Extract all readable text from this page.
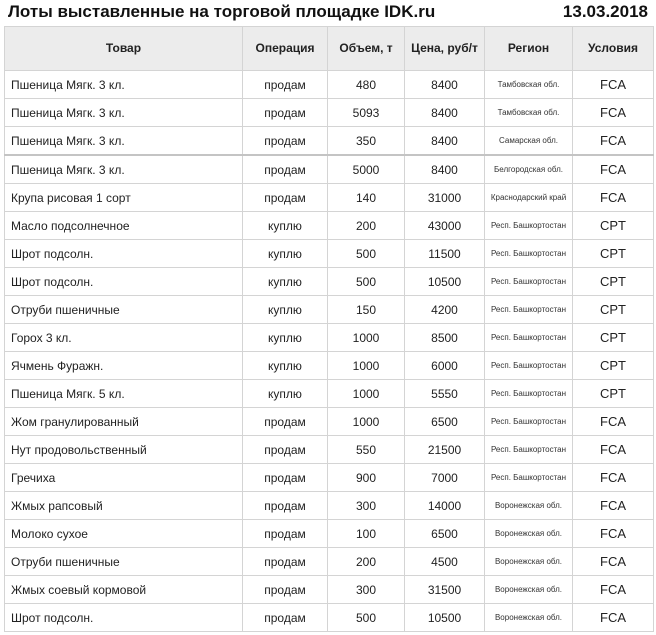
Лоты выставленные на торговой площадке IDK.ru	13.03.2018
Товар	Операция	Объем, т	Цена, руб/т	Регион	Условия
Пшеница Мягк. 3 кл.	продам	480	8400	Тамбовская обл.	FCA
Пшеница Мягк. 3 кл.	продам	5093	8400	Тамбовская обл.	FCA
Пшеница Мягк. 3 кл.	продам	350	8400	Самарская обл.	FCA
Пшеница Мягк. 3 кл.	продам	5000	8400	Белгородская обл.	FCA
Крупа рисовая 1 сорт	продам	140	31000	Краснодарский край	FCA
Масло подсолнечное	куплю	200	43000	Респ. Башкортостан	CPT
Шрот подсолн.	куплю	500	11500	Респ. Башкортостан	CPT
Шрот подсолн.	куплю	500	10500	Респ. Башкортостан	CPT
Отруби пшеничные	куплю	150	4200	Респ. Башкортостан	CPT
Горох 3 кл.	куплю	1000	8500	Респ. Башкортостан	CPT
Ячмень Фуражн.	куплю	1000	6000	Респ. Башкортостан	CPT
Пшеница Мягк. 5 кл.	куплю	1000	5550	Респ. Башкортостан	CPT
Жом гранулированный	продам	1000	6500	Респ. Башкортостан	FCA
Нут продовольственный	продам	550	21500	Респ. Башкортостан	FCA
Гречиха	продам	900	7000	Респ. Башкортостан	FCA
Жмых рапсовый	продам	300	14000	Воронежская обл.	FCA
Молоко сухое	продам	100	6500	Воронежская обл.	FCA
Отруби пшеничные	продам	200	4500	Воронежская обл.	FCA
Жмых соевый кормовой	продам	300	31500	Воронежская обл.	FCA
Шрот подсолн.	продам	500	10500	Воронежская обл.	FCA
